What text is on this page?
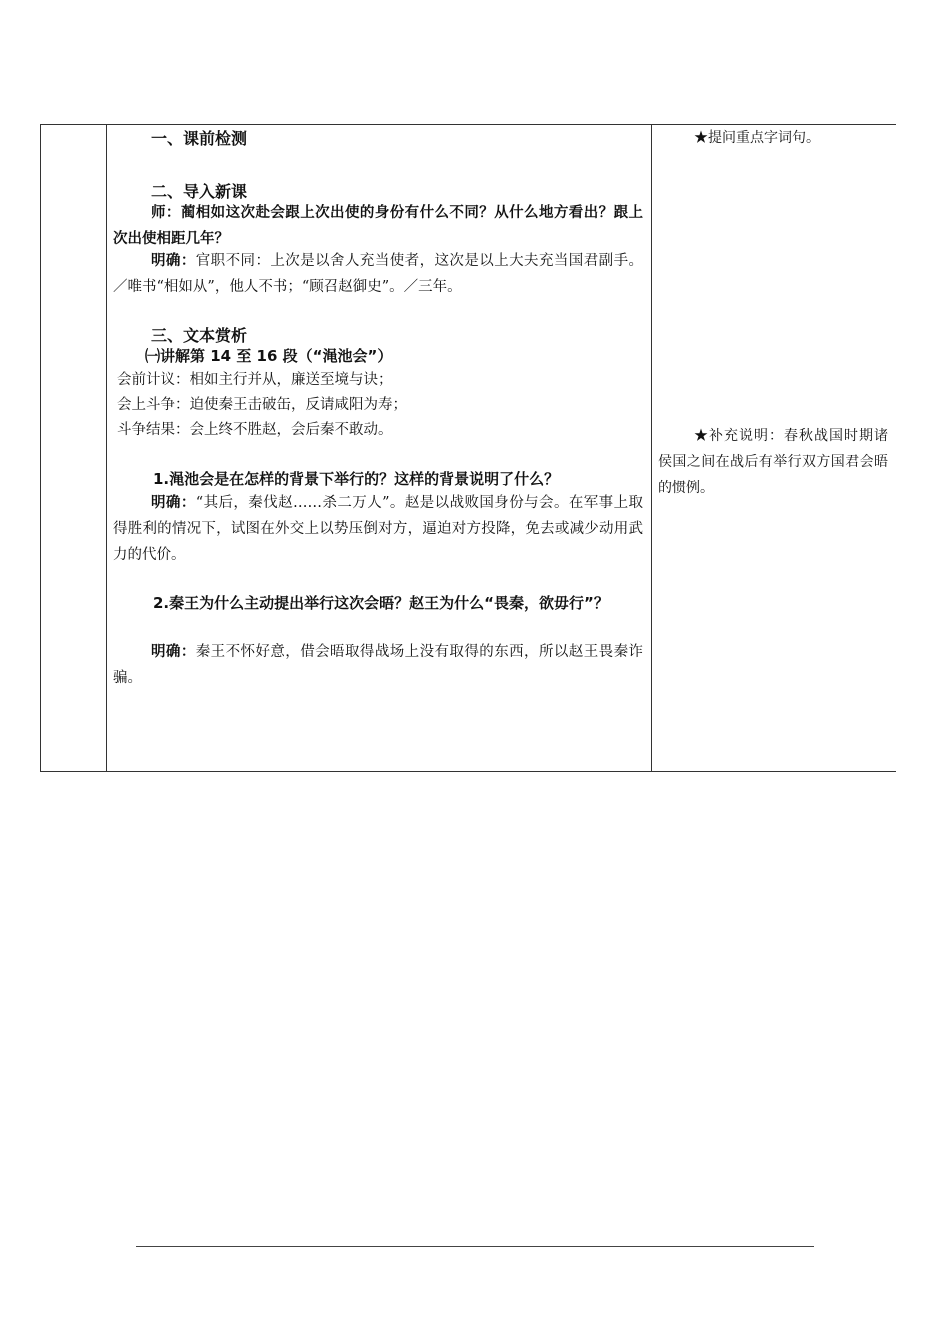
一、课前检测
二、导入新课
师：蔺相如这次赴会跟上次出使的身份有什么不同？从什么地方看出？跟上次出使相距几年？
明确：官职不同：上次是以舍人充当使者，这次是以上大夫充当国君副手。／唯书“相如从”，他人不书；“顾召赵御史”。／三年。
三、文本赏析
㈠讲解第 14 至 16 段（“渑池会”）
会前计议：相如主行并从，廉送至境与诀；
会上斗争：迫使秦王击破缶，反请咸阳为寿；
斗争结果：会上终不胜赵，会后秦不敢动。
1.渑池会是在怎样的背景下举行的？这样的背景说明了什么？
明确：“其后，秦伐赵……杀二万人”。赵是以战败国身份与会。在军事上取得胜利的情况下，试图在外交上以势压倒对方，逼迫对方投降，免去或减少动用武力的代价。
2.秦王为什么主动提出举行这次会晤？赵王为什么“畏秦，欲毋行”？
明确：秦王不怀好意，借会晤取得战场上没有取得的东西，所以赵王畏秦诈骗。
★提问重点字词句。
★补充说明：春秋战国时期诸侯国之间在战后有举行双方国君会晤的惯例。
